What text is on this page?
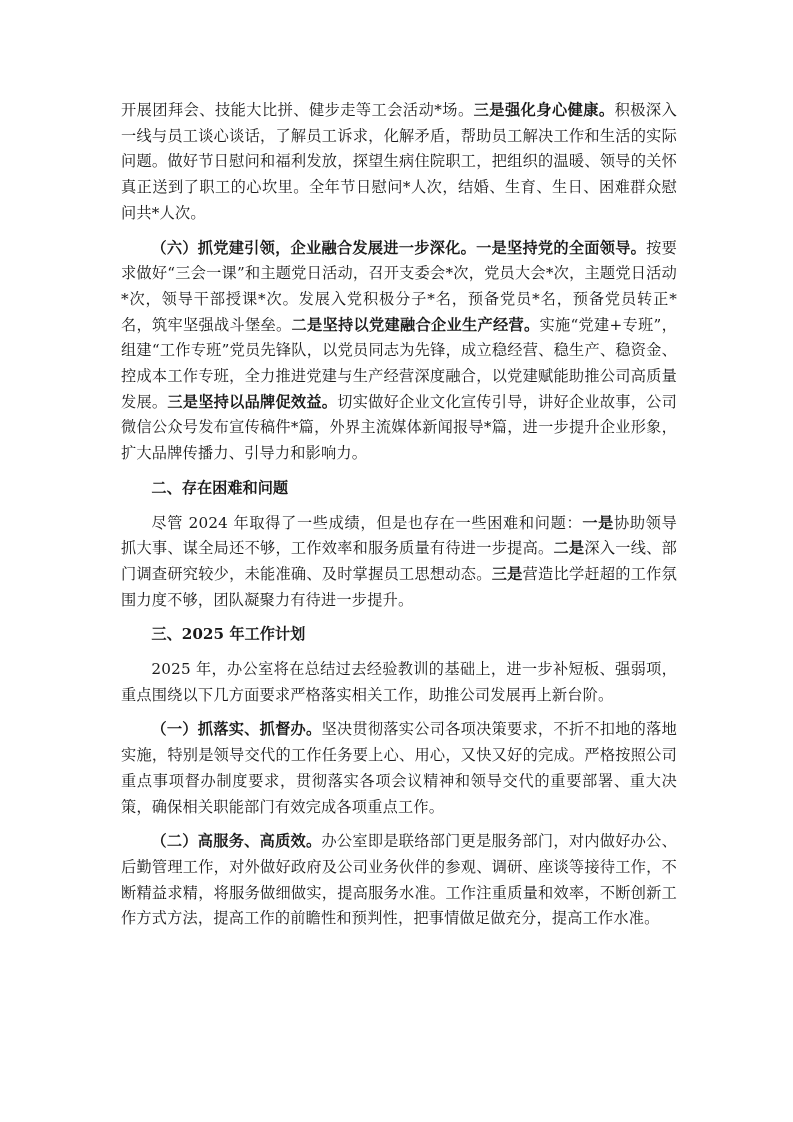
开展团拜会、技能大比拼、健步走等工会活动*场。三是强化身心健康。积极深入一线与员工谈心谈话，了解员工诉求，化解矛盾，帮助员工解决工作和生活的实际问题。做好节日慰问和福利发放，探望生病住院职工，把组织的温暖、领导的关怀真正送到了职工的心坎里。全年节日慰问*人次，结婚、生育、生日、困难群众慰问共*人次。

（六）抓党建引领，企业融合发展进一步深化。一是坚持党的全面领导。按要求做好“三会一课”和主题党日活动，召开支委会*次，党员大会*次，主题党日活动*次，领导干部授课*次。发展入党积极分子*名，预备党员*名，预备党员转正*名，筑牢坚强战斗堡垒。二是坚持以党建融合企业生产经营。实施“党建+专班”，组建“工作专班”党员先锋队，以党员同志为先锋，成立稳经营、稳生产、稳资金、控成本工作专班，全力推进党建与生产经营深度融合，以党建赋能助推公司高质量发展。三是坚持以品牌促效益。切实做好企业文化宣传引导，讲好企业故事，公司微信公众号发布宣传稿件*篇，外界主流媒体新闻报导*篇，进一步提升企业形象，扩大品牌传播力、引导力和影响力。

二、存在困难和问题

尽管 2024 年取得了一些成绩，但是也存在一些困难和问题：一是协助领导抓大事、谋全局还不够，工作效率和服务质量有待进一步提高。二是深入一线、部门调查研究较少，未能准确、及时掌握员工思想动态。三是营造比学赶超的工作氛围力度不够，团队凝聚力有待进一步提升。

三、2025 年工作计划

2025 年，办公室将在总结过去经验教训的基础上，进一步补短板、强弱项，重点围绕以下几方面要求严格落实相关工作，助推公司发展再上新台阶。

（一）抓落实、抓督办。坚决贯彻落实公司各项决策要求，不折不扣地的落地实施，特别是领导交代的工作任务要上心、用心，又快又好的完成。严格按照公司重点事项督办制度要求，贯彻落实各项会议精神和领导交代的重要部署、重大决策，确保相关职能部门有效完成各项重点工作。

（二）高服务、高质效。办公室即是联络部门更是服务部门，对内做好办公、后勤管理工作，对外做好政府及公司业务伙伴的参观、调研、座谈等接待工作，不断精益求精，将服务做细做实，提高服务水准。工作注重质量和效率，不断创新工作方式方法，提高工作的前瞻性和预判性，把事情做足做充分，提高工作水准。
